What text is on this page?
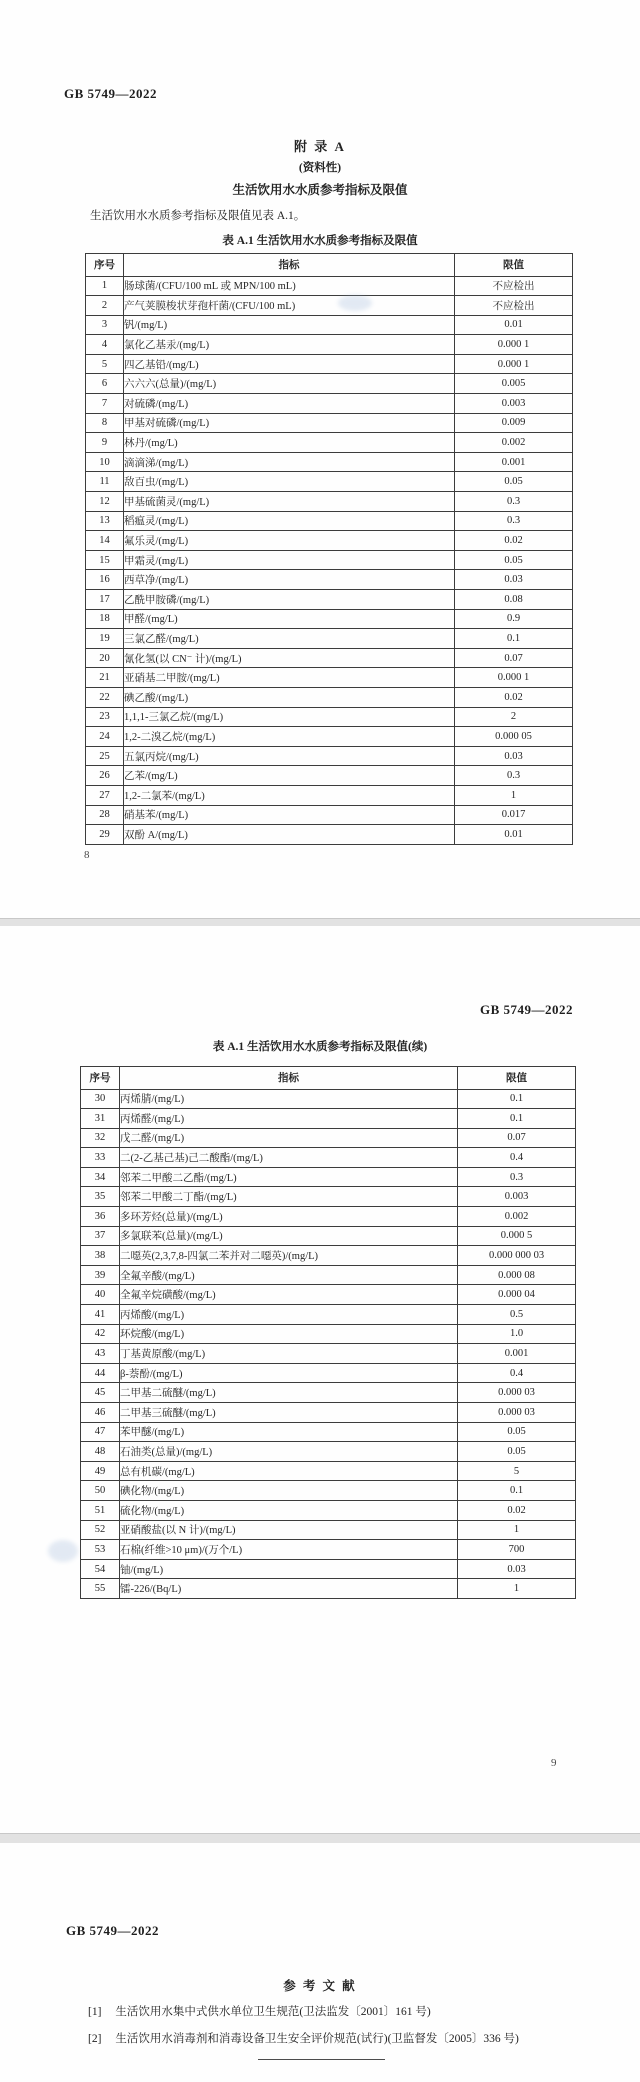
GB 5749—2022
附 录 A
(资料性)
生活饮用水水质参考指标及限值
生活饮用水水质参考指标及限值见表 A.1。
表 A.1 生活饮用水水质参考指标及限值
序号	指标	限值
1	肠球菌/(CFU/100 mL 或 MPN/100 mL)	不应检出
2	产气荚膜梭状芽孢杆菌/(CFU/100 mL)	不应检出
3	钒/(mg/L)	0.01
4	氯化乙基汞/(mg/L)	0.000 1
5	四乙基铅/(mg/L)	0.000 1
6	六六六(总量)/(mg/L)	0.005
7	对硫磷/(mg/L)	0.003
8	甲基对硫磷/(mg/L)	0.009
9	林丹/(mg/L)	0.002
10	滴滴涕/(mg/L)	0.001
11	敌百虫/(mg/L)	0.05
12	甲基硫菌灵/(mg/L)	0.3
13	稻瘟灵/(mg/L)	0.3
14	氟乐灵/(mg/L)	0.02
15	甲霜灵/(mg/L)	0.05
16	西草净/(mg/L)	0.03
17	乙酰甲胺磷/(mg/L)	0.08
18	甲醛/(mg/L)	0.9
19	三氯乙醛/(mg/L)	0.1
20	氰化氢(以 CN⁻ 计)/(mg/L)	0.07
21	亚硝基二甲胺/(mg/L)	0.000 1
22	碘乙酸/(mg/L)	0.02
23	1,1,1-三氯乙烷/(mg/L)	2
24	1,2-二溴乙烷/(mg/L)	0.000 05
25	五氯丙烷/(mg/L)	0.03
26	乙苯/(mg/L)	0.3
27	1,2-二氯苯/(mg/L)	1
28	硝基苯/(mg/L)	0.017
29	双酚 A/(mg/L)	0.01
8
GB 5749—2022
表 A.1 生活饮用水水质参考指标及限值(续)
序号	指标	限值
30	丙烯腈/(mg/L)	0.1
31	丙烯醛/(mg/L)	0.1
32	戊二醛/(mg/L)	0.07
33	二(2-乙基己基)己二酸酯/(mg/L)	0.4
34	邻苯二甲酸二乙酯/(mg/L)	0.3
35	邻苯二甲酸二丁酯/(mg/L)	0.003
36	多环芳烃(总量)/(mg/L)	0.002
37	多氯联苯(总量)/(mg/L)	0.000 5
38	二噁英(2,3,7,8-四氯二苯并对二噁英)/(mg/L)	0.000 000 03
39	全氟辛酸/(mg/L)	0.000 08
40	全氟辛烷磺酸/(mg/L)	0.000 04
41	丙烯酸/(mg/L)	0.5
42	环烷酸/(mg/L)	1.0
43	丁基黄原酸/(mg/L)	0.001
44	β-萘酚/(mg/L)	0.4
45	二甲基二硫醚/(mg/L)	0.000 03
46	二甲基三硫醚/(mg/L)	0.000 03
47	苯甲醚/(mg/L)	0.05
48	石油类(总量)/(mg/L)	0.05
49	总有机碳/(mg/L)	5
50	碘化物/(mg/L)	0.1
51	硫化物/(mg/L)	0.02
52	亚硝酸盐(以 N 计)/(mg/L)	1
53	石棉(纤维>10 μm)/(万个/L)	700
54	铀/(mg/L)	0.03
55	镭-226/(Bq/L)	1
9
GB 5749—2022
参 考 文 献
[1] 生活饮用水集中式供水单位卫生规范(卫法监发〔2001〕161 号)
[2] 生活饮用水消毒剂和消毒设备卫生安全评价规范(试行)(卫监督发〔2005〕336 号)
